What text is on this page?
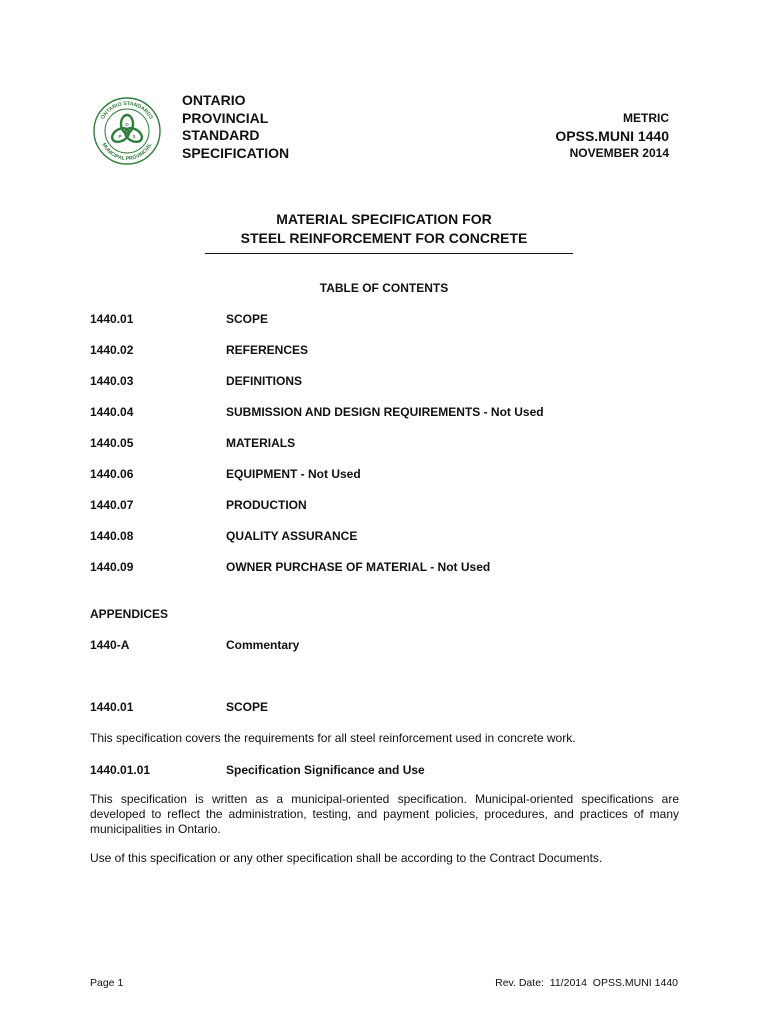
ONTARIO STANDARDS
MUNICIPAL PROVINCIAL
O
P S
ONTARIO
PROVINCIAL
STANDARD
SPECIFICATION
METRIC
OPSS.MUNI 1440
NOVEMBER 2014
MATERIAL SPECIFICATION FOR
STEEL REINFORCEMENT FOR CONCRETE
TABLE OF CONTENTS
1440.01	SCOPE
1440.02	REFERENCES
1440.03	DEFINITIONS
1440.04	SUBMISSION AND DESIGN REQUIREMENTS - Not Used
1440.05	MATERIALS
1440.06	EQUIPMENT - Not Used
1440.07	PRODUCTION
1440.08	QUALITY ASSURANCE
1440.09	OWNER PURCHASE OF MATERIAL - Not Used
APPENDICES
1440-A	Commentary
1440.01	SCOPE
This specification covers the requirements for all steel reinforcement used in concrete work.
1440.01.01	Specification Significance and Use
This specification is written as a municipal-oriented specification. Municipal-oriented specifications are developed to reflect the administration, testing, and payment policies, procedures, and practices of many municipalities in Ontario.
Use of this specification or any other specification shall be according to the Contract Documents.
Page 1	Rev. Date:  11/2014  OPSS.MUNI 1440
